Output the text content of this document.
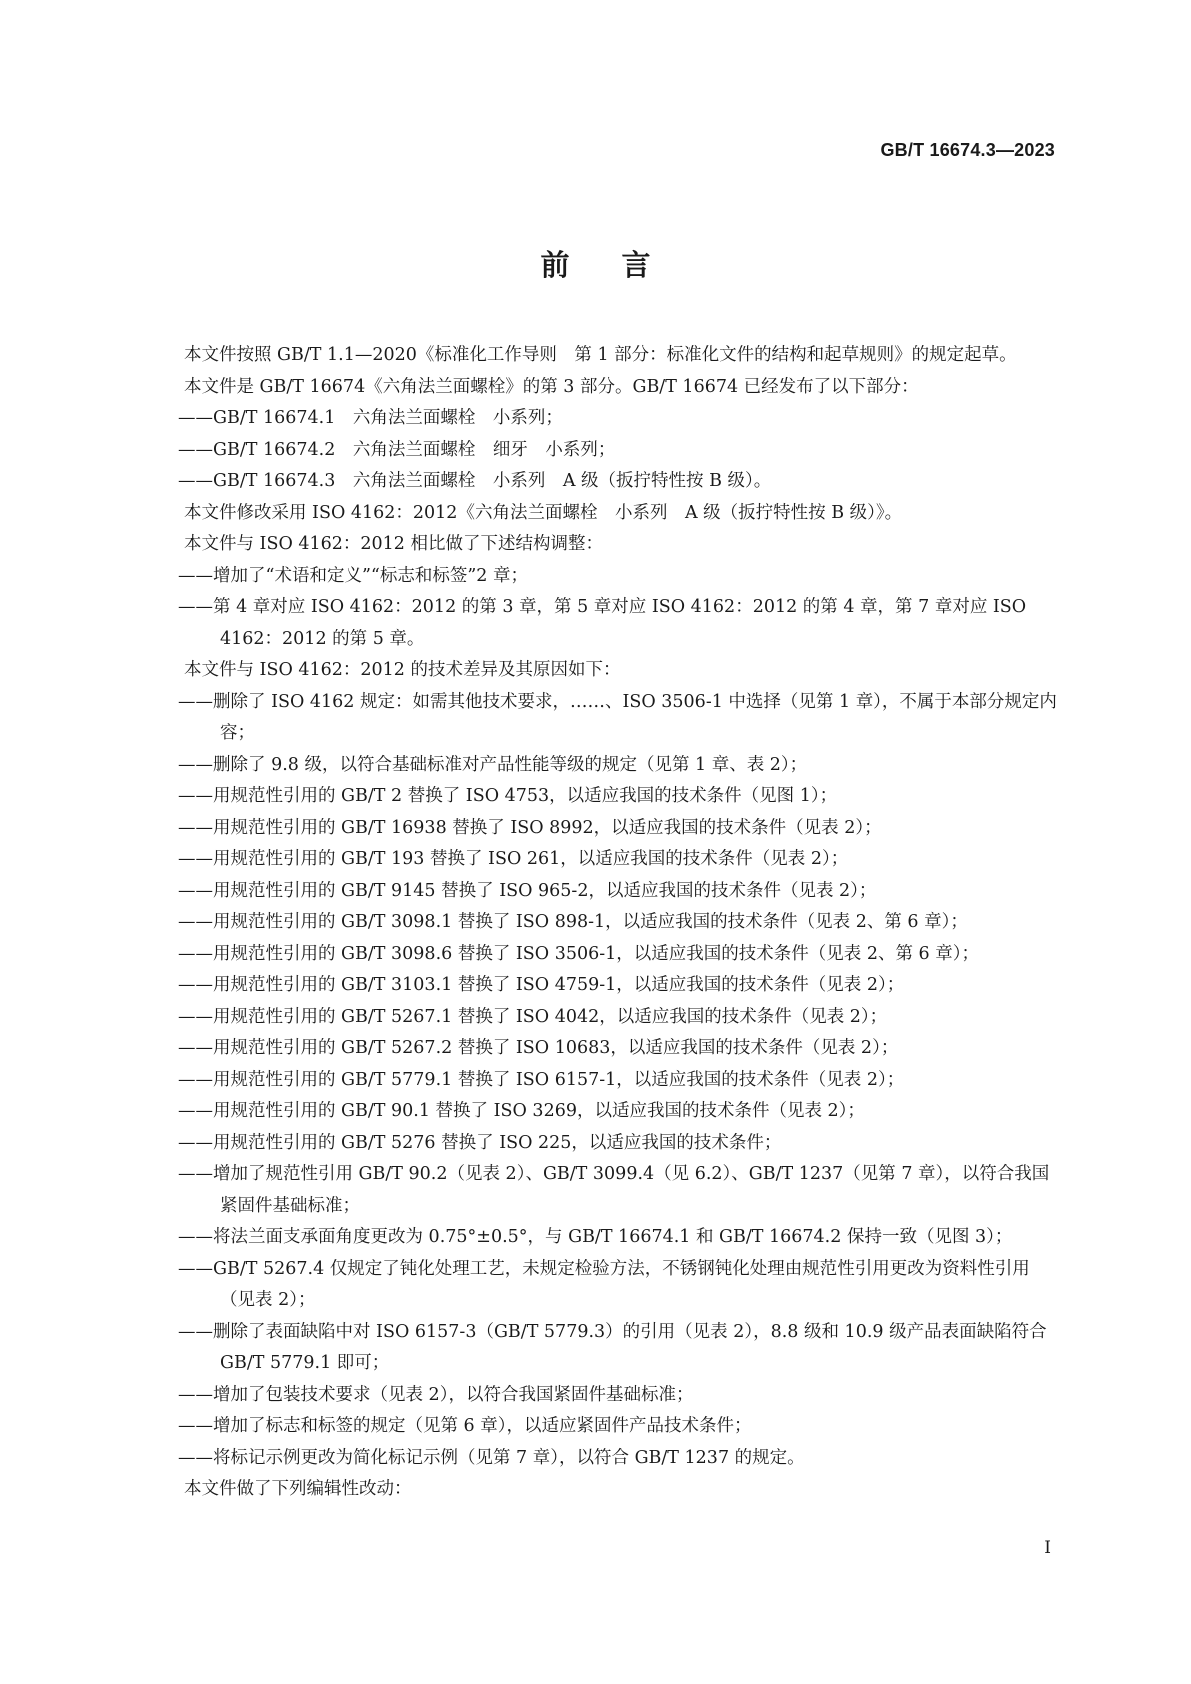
GB/T 16674.3—2023
前言

本文件按照 GB/T 1.1—2020《标准化工作导则　第 1 部分：标准化文件的结构和起草规则》的规定起草。

本文件是 GB/T 16674《六角法兰面螺栓》的第 3 部分。GB/T 16674 已经发布了以下部分：

——GB/T 16674.1　六角法兰面螺栓　小系列；

——GB/T 16674.2　六角法兰面螺栓　细牙　小系列；

——GB/T 16674.3　六角法兰面螺栓　小系列　A 级（扳拧特性按 B 级）。

本文件修改采用 ISO 4162：2012《六角法兰面螺栓　小系列　A 级（扳拧特性按 B 级）》。

本文件与 ISO 4162：2012 相比做了下述结构调整：

——增加了“术语和定义”“标志和标签”2 章；

——第 4 章对应 ISO 4162：2012 的第 3 章，第 5 章对应 ISO 4162：2012 的第 4 章，第 7 章对应 ISO 4162：2012 的第 5 章。

本文件与 ISO 4162：2012 的技术差异及其原因如下：

——删除了 ISO 4162 规定：如需其他技术要求，……、ISO 3506-1 中选择（见第 1 章），不属于本部分规定内容；

——删除了 9.8 级，以符合基础标准对产品性能等级的规定（见第 1 章、表 2）；

——用规范性引用的 GB/T 2 替换了 ISO 4753，以适应我国的技术条件（见图 1）；

——用规范性引用的 GB/T 16938 替换了 ISO 8992，以适应我国的技术条件（见表 2）；

——用规范性引用的 GB/T 193 替换了 ISO 261，以适应我国的技术条件（见表 2）；

——用规范性引用的 GB/T 9145 替换了 ISO 965-2，以适应我国的技术条件（见表 2）；

——用规范性引用的 GB/T 3098.1 替换了 ISO 898-1，以适应我国的技术条件（见表 2、第 6 章）；

——用规范性引用的 GB/T 3098.6 替换了 ISO 3506-1，以适应我国的技术条件（见表 2、第 6 章）；

——用规范性引用的 GB/T 3103.1 替换了 ISO 4759-1，以适应我国的技术条件（见表 2）；

——用规范性引用的 GB/T 5267.1 替换了 ISO 4042，以适应我国的技术条件（见表 2）；

——用规范性引用的 GB/T 5267.2 替换了 ISO 10683，以适应我国的技术条件（见表 2）；

——用规范性引用的 GB/T 5779.1 替换了 ISO 6157-1，以适应我国的技术条件（见表 2）；

——用规范性引用的 GB/T 90.1 替换了 ISO 3269，以适应我国的技术条件（见表 2）；

——用规范性引用的 GB/T 5276 替换了 ISO 225，以适应我国的技术条件；

——增加了规范性引用 GB/T 90.2（见表 2）、GB/T 3099.4（见 6.2）、GB/T 1237（见第 7 章），以符合我国紧固件基础标准；

——将法兰面支承面角度更改为 0.75°±0.5°，与 GB/T 16674.1 和 GB/T 16674.2 保持一致（见图 3）；

——GB/T 5267.4 仅规定了钝化处理工艺，未规定检验方法，不锈钢钝化处理由规范性引用更改为资料性引用（见表 2）；

——删除了表面缺陷中对 ISO 6157-3（GB/T 5779.3）的引用（见表 2），8.8 级和 10.9 级产品表面缺陷符合 GB/T 5779.1 即可；

——增加了包装技术要求（见表 2），以符合我国紧固件基础标准；

——增加了标志和标签的规定（见第 6 章），以适应紧固件产品技术条件；

——将标记示例更改为简化标记示例（见第 7 章），以符合 GB/T 1237 的规定。

本文件做了下列编辑性改动：

I
